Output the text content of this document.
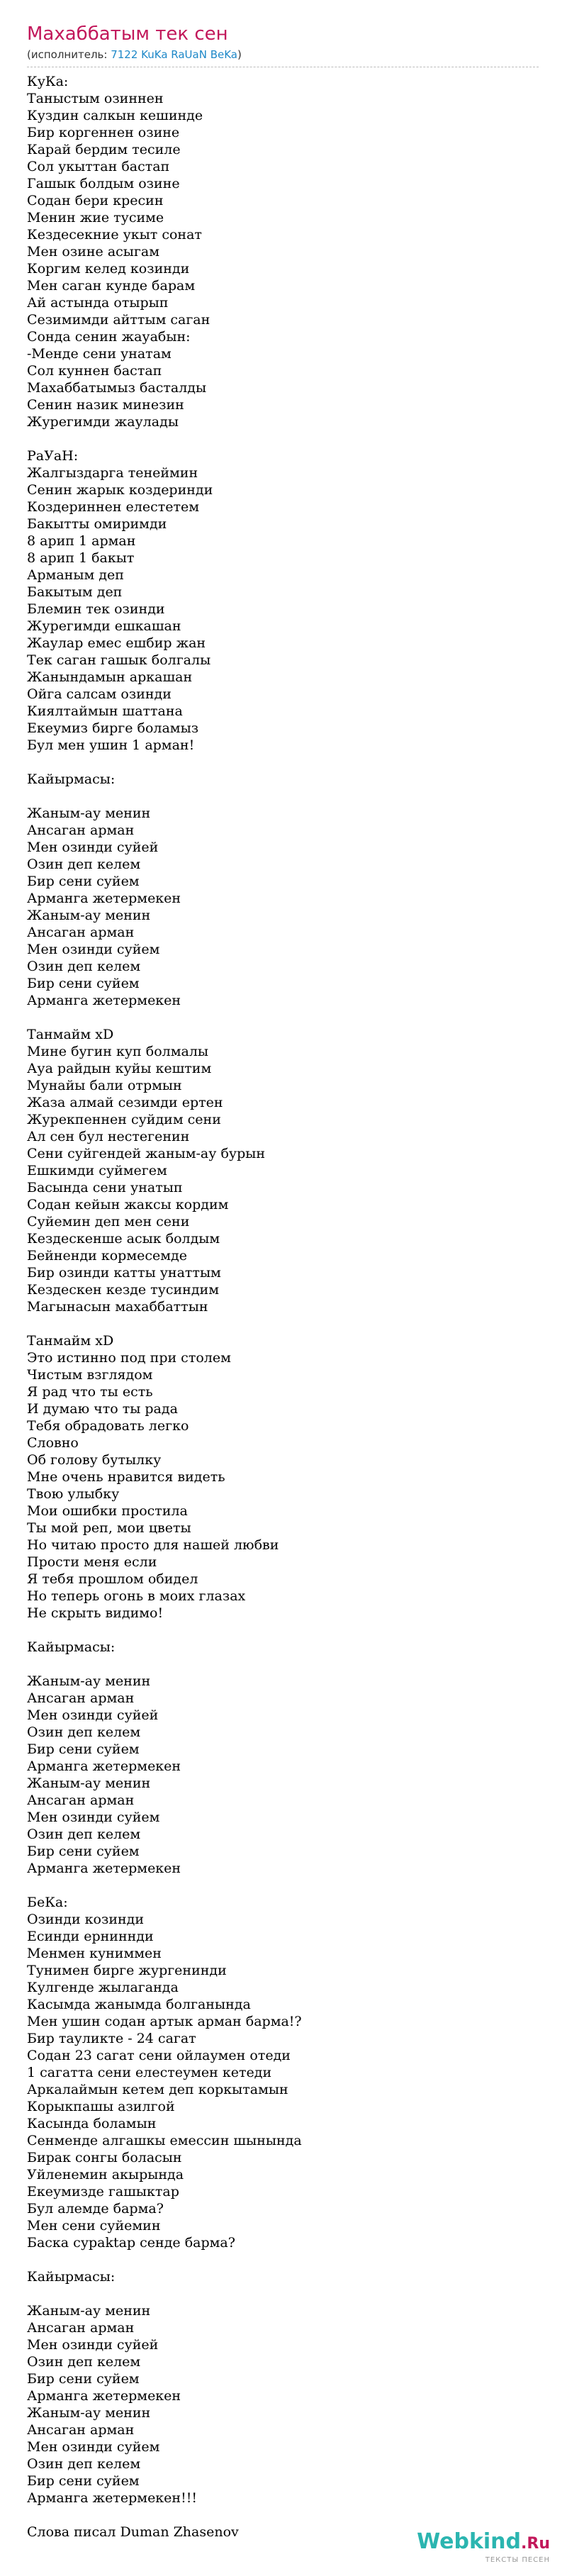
Махаббатым тек сен
(исполнитель: 7122 KuKa RaUaN BeKa)
КуКа:
Таныстым озиннен
Куздин салкын кешинде
Бир коргеннен озине
Карай бердим тесиле
Сол укыттан бастап
Гашык болдым озине
Содан бери кресин
Менин жие тусиме
Кездесекние укыт сонат
Мен озине асыгам
Коргим келед козинди
Мен саган кунде барам
Ай астында отырып
Сезимимди айттым саган
Сонда сенин жауабын:
-Менде сени унатам
Сол куннен бастап
Махаббатымыз басталды
Сенин назик минезин
Журегимди жаулады

РаУаН:
Жалгыздарга тенеймин
Сенин жарык коздеринди
Коздериннен елестетем
Бакытты омиримди
8 арип 1 арман
8 арип 1 бакыт
Арманым деп
Бакытым деп
Блемин тек озинди
Журегимди ешкашан
Жаулар емес ешбир жан
Тек саган гашык болгалы
Жанындамын аркашан
Ойга салсам озинди
Киялтаймын шаттана
Екеумиз бирге боламыз
Бул мен ушин 1 арман!

Кайырмасы:

Жаным-ау менин
Ансаган арман
Мен озинди суйей
Озин деп келем
Бир сени суйем
Арманга жетермекен
Жаным-ау менин
Ансаган арман
Мен озинди суйем
Озин деп келем
Бир сени суйем
Арманга жетермекен

Танмайм xD
Мине бугин куп болмалы
Ауа райдын куйы кештим
Мунайы бали отрмын
Жаза алмай сезимди ертен
Журекпеннен суйдим сени
Ал сен бул нестегенин
Сени суйгендей жаным-ау бурын
Ешкимди суймегем
Басында сени унатып
Содан кейын жаксы кордим
Суйемин деп мен сени
Кездескенше асык болдым
Бейненди кормесемде
Бир озинди катты унаттым
Кездескен кезде тусиндим
Магынасын махаббаттын

Танмайм xD
Это истинно под при столем
Чистым взглядом
Я рад что ты есть
И думаю что ты рада
Тебя обрадовать легко
Словно
Об голову бутылку
Мне очень нравится видеть
Твою улыбку
Мои ошибки простила
Ты мой реп, мои цветы
Но читаю просто для нашей любви
Прости меня если
Я тебя прошлом обидел
Но теперь огонь в моих глазах
Не скрыть видимо!

Кайырмасы:

Жаным-ау менин
Ансаган арман
Мен озинди суйей
Озин деп келем
Бир сени суйем
Арманга жетермекен
Жаным-ау менин
Ансаган арман
Мен озинди суйем
Озин деп келем
Бир сени суйем
Арманга жетермекен

БеКа:
Озинди козинди
Есинди ерниннди
Менмен куниммен
Тунимен бирге жургенинди
Кулгенде жылаганда
Касымда жанымда болганында
Мен ушин содан артык арман барма!?
Бир тауликте - 24 сагат
Содан 23 сагат сени ойлаумен отеди
1 сагатта сени елестеумен кетеди
Аркалаймын кетем деп коркытамын
Корыкпашы азилгой
Касында боламын
Сенменде алгашкы емессин шынында
Бирак сонгы боласын
Уйленемин акырында
Екеумизде гашыктар
Бул алемде барма?
Мен сени суйемин
Баска сураktар сенде барма?

Кайырмасы:

Жаным-ау менин
Ансаган арман
Мен озинди суйей
Озин деп келем
Бир сени суйем
Арманга жетермекен
Жаным-ау менин
Ансаган арман
Мен озинди суйем
Озин деп келем
Бир сени суйем
Арманга жетермекен!!!

Слова писал Duman Zhasenov	Webkind.Ru
ТЕКСТЫ ПЕСЕН
